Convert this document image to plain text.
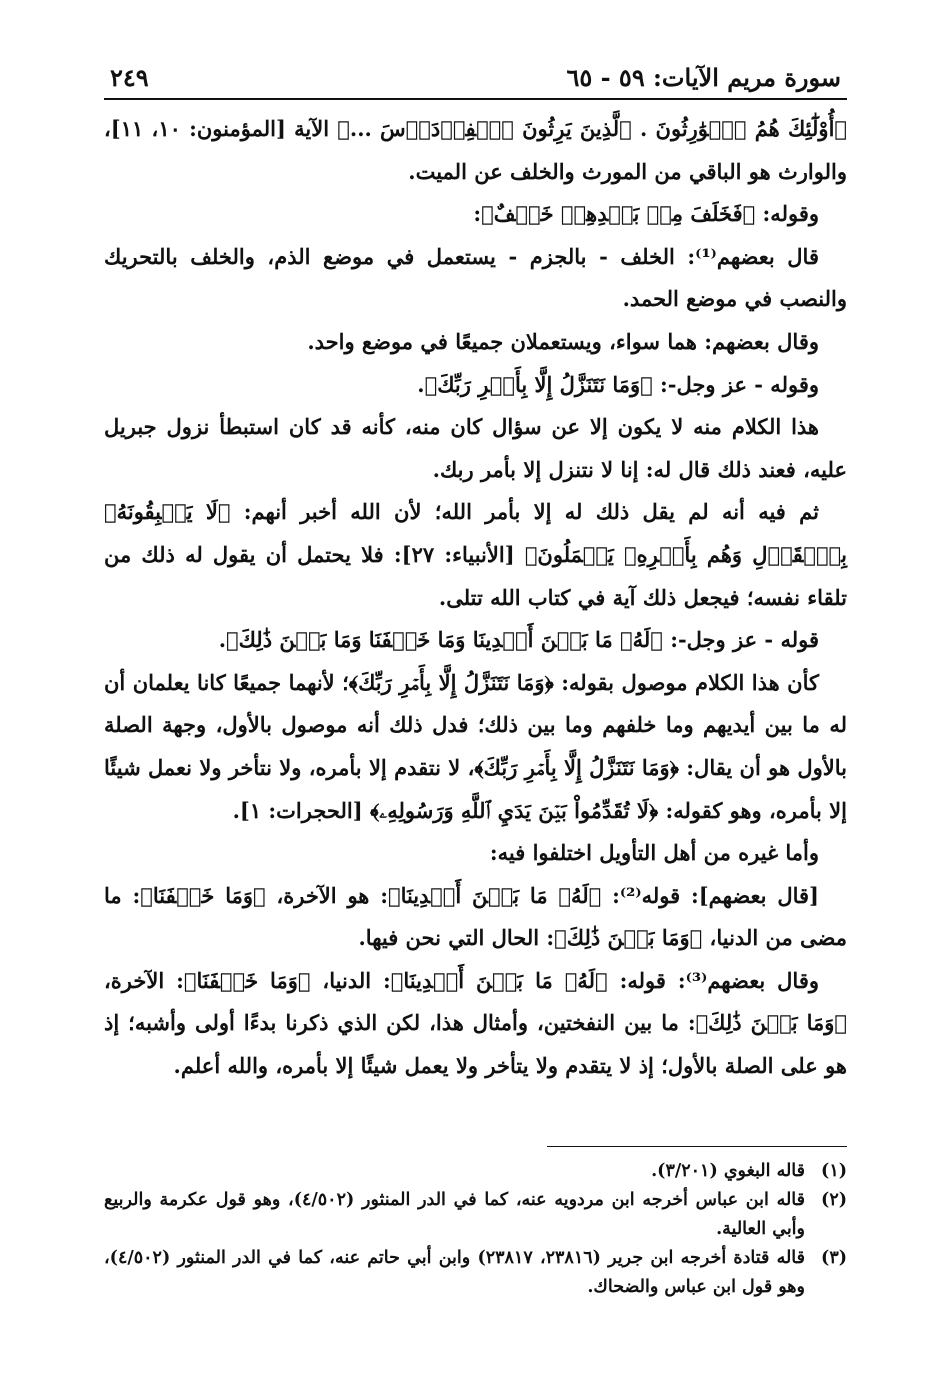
سورة مريم الآيات: ٥٩ - ٦٥
٢٤٩

﴿أُوْلَٰٓئِكَ هُمُ ٱلۡوَٰرِثُونَ . ٱلَّذِينَ يَرِثُونَ ٱلۡفِرۡدَوۡسَ ...﴾ الآية [المؤمنون: ١٠، ١١]، والوارث هو الباقي من المورث والخلف عن الميت.

وقوله: ﴿فَخَلَفَ مِنۢ بَعۡدِهِمۡ خَلۡفٌ﴾:

قال بعضهم⁽¹⁾: الخلف - بالجزم - يستعمل في موضع الذم، والخلف بالتحريك والنصب في موضع الحمد.

وقال بعضهم: هما سواء، ويستعملان جميعًا في موضع واحد.

وقوله - عز وجل-: ﴿وَمَا نَتَنَزَّلُ إِلَّا بِأَمۡرِ رَبِّكَ﴾.

هذا الكلام منه لا يكون إلا عن سؤال كان منه، كأنه قد كان استبطأ نزول جبريل عليه، فعند ذلك قال له: إنا لا نتنزل إلا بأمر ربك.

ثم فيه أنه لم يقل ذلك له إلا بأمر الله؛ لأن الله أخبر أنهم: ﴿لَا يَسۡبِقُونَهُۥ بِٱلۡقَوۡلِ وَهُم بِأَمۡرِهِۦ يَعۡمَلُونَ﴾ [الأنبياء: ٢٧]: فلا يحتمل أن يقول له ذلك من تلقاء نفسه؛ فيجعل ذلك آية في كتاب الله تتلى.

قوله - عز وجل-: ﴿لَهُۥ مَا بَيۡنَ أَيۡدِينَا وَمَا خَلۡفَنَا وَمَا بَيۡنَ ذَٰلِكَ﴾.

كأن هذا الكلام موصول بقوله: ﴿وَمَا نَتَنَزَّلُ إِلَّا بِأَمۡرِ رَبِّكَ﴾؛ لأنهما جميعًا كانا يعلمان أن له ما بين أيديهم وما خلفهم وما بين ذلك؛ فدل ذلك أنه موصول بالأول، وجهة الصلة بالأول هو أن يقال: ﴿وَمَا نَتَنَزَّلُ إِلَّا بِأَمۡرِ رَبِّكَ﴾، لا نتقدم إلا بأمره، ولا نتأخر ولا نعمل شيئًا إلا بأمره، وهو كقوله: ﴿لَا تُقَدِّمُواْ بَيۡنَ يَدَيِ ٱللَّهِ وَرَسُولِهِۦ﴾ [الحجرات: ١].

وأما غيره من أهل التأويل اختلفوا فيه:

[قال بعضهم]: قوله⁽²⁾: ﴿لَهُۥ مَا بَيۡنَ أَيۡدِينَا﴾: هو الآخرة، ﴿وَمَا خَلۡفَنَا﴾: ما مضى من الدنيا، ﴿وَمَا بَيۡنَ ذَٰلِكَ﴾: الحال التي نحن فيها.

وقال بعضهم⁽³⁾: قوله: ﴿لَهُۥ مَا بَيۡنَ أَيۡدِينَا﴾: الدنيا، ﴿وَمَا خَلۡفَنَا﴾: الآخرة، ﴿وَمَا بَيۡنَ ذَٰلِكَ﴾: ما بين النفختين، وأمثال هذا، لكن الذي ذكرنا بدءًا أولى وأشبه؛ إذ هو على الصلة بالأول؛ إذ لا يتقدم ولا يتأخر ولا يعمل شيئًا إلا بأمره، والله أعلم.

(١)
قاله البغوي (٣/٢٠١).
(٢)
قاله ابن عباس أخرجه ابن مردويه عنه، كما في الدر المنثور (٤/٥٠٢)، وهو قول عكرمة والربيع وأبي العالية.
(٣)
قاله قتادة أخرجه ابن جرير (٢٣٨١٦، ٢٣٨١٧) وابن أبي حاتم عنه، كما في الدر المنثور (٤/٥٠٢)، وهو قول ابن عباس والضحاك.
